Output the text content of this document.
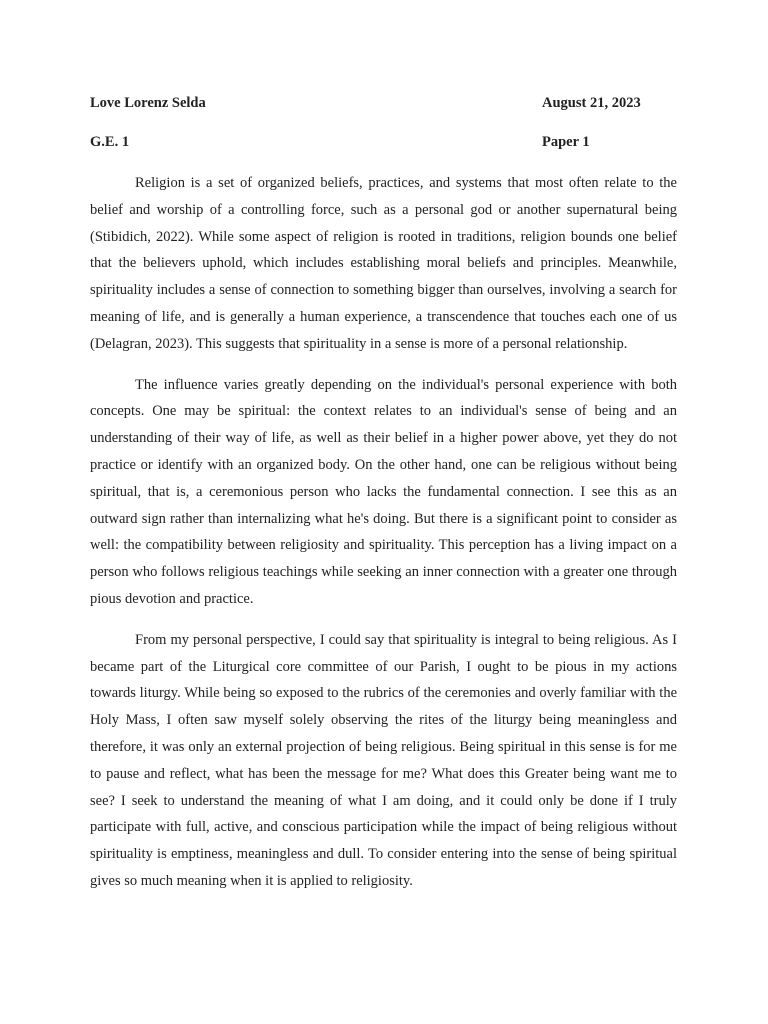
Love Lorenz Selda	August 21, 2023
G.E. 1	Paper 1

Religion is a set of organized beliefs, practices, and systems that most often relate to the belief and worship of a controlling force, such as a personal god or another supernatural being (Stibidich, 2022). While some aspect of religion is rooted in traditions, religion bounds one belief that the believers uphold, which includes establishing moral beliefs and principles. Meanwhile, spirituality includes a sense of connection to something bigger than ourselves, involving a search for meaning of life, and is generally a human experience, a transcendence that touches each one of us (Delagran, 2023). This suggests that spirituality in a sense is more of a personal relationship.

The influence varies greatly depending on the individual's personal experience with both concepts. One may be spiritual: the context relates to an individual's sense of being and an understanding of their way of life, as well as their belief in a higher power above, yet they do not practice or identify with an organized body. On the other hand, one can be religious without being spiritual, that is, a ceremonious person who lacks the fundamental connection. I see this as an outward sign rather than internalizing what he's doing. But there is a significant point to consider as well: the compatibility between religiosity and spirituality. This perception has a living impact on a person who follows religious teachings while seeking an inner connection with a greater one through pious devotion and practice.

From my personal perspective, I could say that spirituality is integral to being religious. As I became part of the Liturgical core committee of our Parish, I ought to be pious in my actions towards liturgy. While being so exposed to the rubrics of the ceremonies and overly familiar with the Holy Mass, I often saw myself solely observing the rites of the liturgy being meaningless and therefore, it was only an external projection of being religious. Being spiritual in this sense is for me to pause and reflect, what has been the message for me? What does this Greater being want me to see? I seek to understand the meaning of what I am doing, and it could only be done if I truly participate with full, active, and conscious participation while the impact of being religious without spirituality is emptiness, meaningless and dull. To consider entering into the sense of being spiritual gives so much meaning when it is applied to religiosity.
